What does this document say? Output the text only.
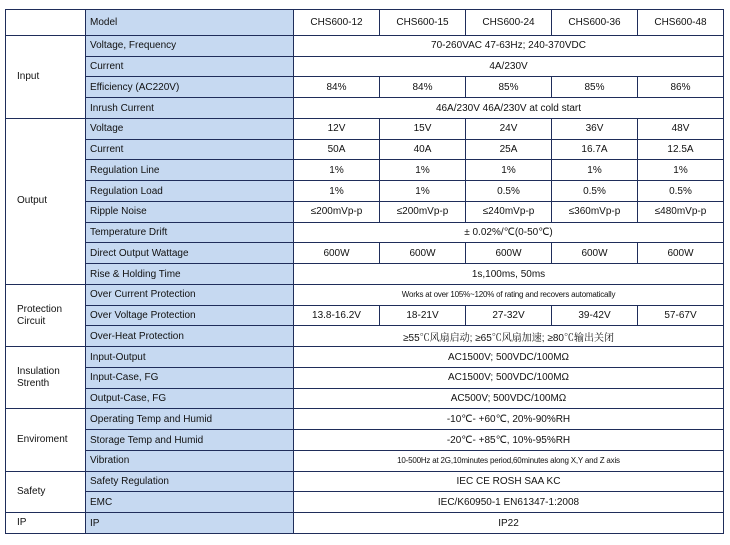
	Model	CHS600-12	CHS600-15	CHS600-24	CHS600-36	CHS600-48
Input	Voltage, Frequency	70-260VAC 47-63Hz; 240-370VDC				
	Current	4A/230V				
	Efficiency (AC220V)	84%	84%	85%	85%	86%
	Inrush Current	46A/230V 46A/230V at cold start				
Output	Voltage	12V	15V	24V	36V	48V
	Current	50A	40A	25A	16.7A	12.5A
	Regulation Line	1%	1%	1%	1%	1%
	Regulation Load	1%	1%	0.5%	0.5%	0.5%
	Ripple Noise	≤200mVp-p	≤200mVp-p	≤240mVp-p	≤360mVp-p	≤480mVp-p
	Temperature Drift	± 0.02%/℃(0-50℃)				
	Direct Output Wattage	600W	600W	600W	600W	600W
	Rise & Holding Time	1s,100ms, 50ms				
Protection Circuit	Over Current Protection	Works at over 105%~120% of rating and recovers automatically				
	Over Voltage Protection	13.8-16.2V	18-21V	27-32V	39-42V	57-67V
	Over-Heat Protection	≥55℃风扇启动; ≥65℃风扇加速; ≥80℃输出关闭				
Insulation Strenth	Input-Output	AC1500V; 500VDC/100MΩ				
	Input-Case, FG	AC1500V; 500VDC/100MΩ				
	Output-Case, FG	AC500V; 500VDC/100MΩ				
Enviroment	Operating Temp and Humid	-10℃- +60℃, 20%-90%RH				
	Storage Temp and Humid	-20℃- +85℃, 10%-95%RH				
	Vibration	10-500Hz at 2G,10minutes period,60minutes along X,Y and Z axis				
Safety	Safety Regulation	IEC CE ROSH SAA KC				
	EMC	IEC/K60950-1 EN61347-1:2008				
IP	IP	IP22				
